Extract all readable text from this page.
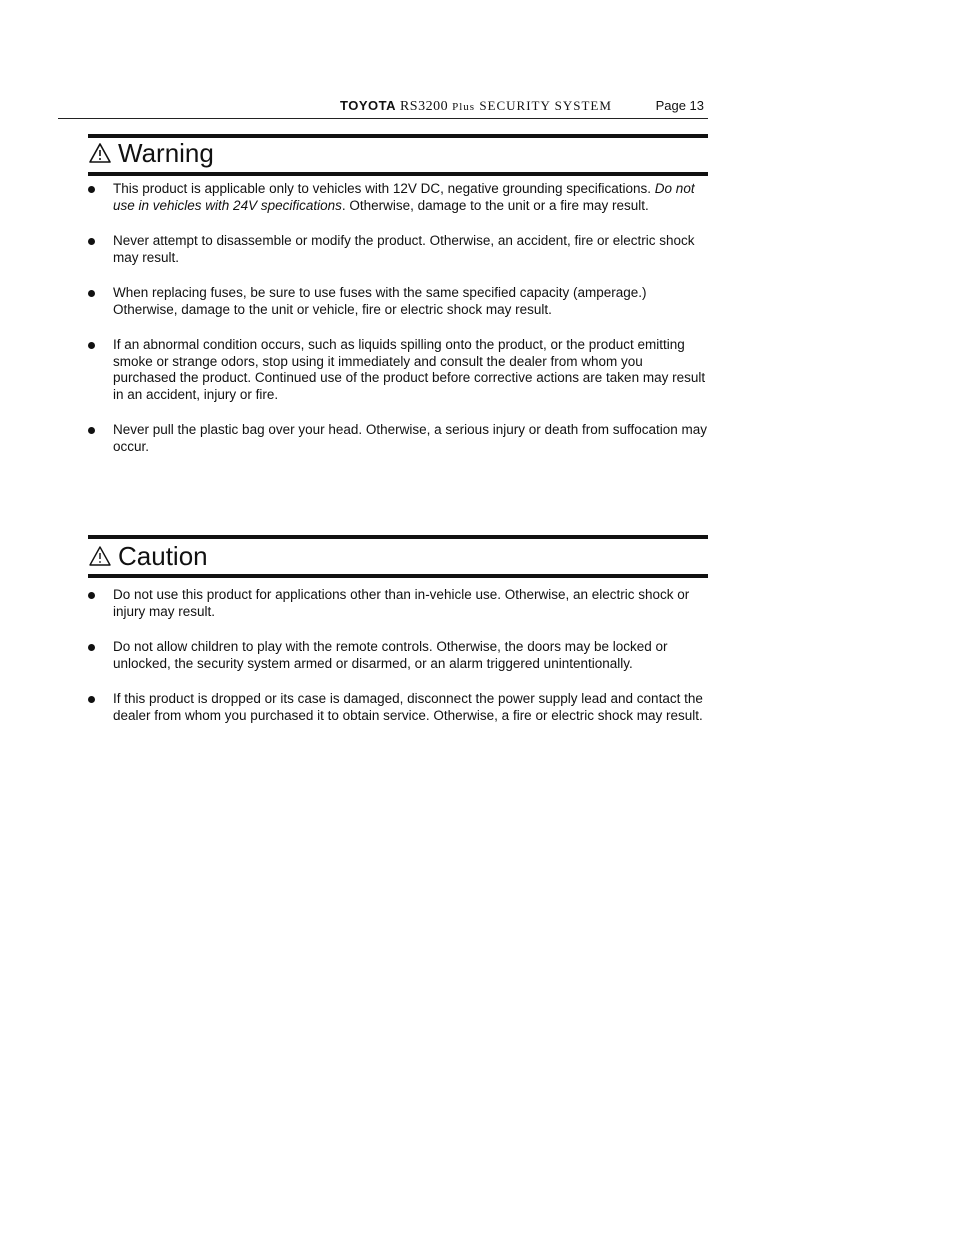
TOYOTA RS3200 Plus SECURITY SYSTEM	Page 13
Warning
This product is applicable only to vehicles with 12V DC, negative grounding specifications. Do not use in vehicles with 24V specifications. Otherwise, damage to the unit or a fire may result.
Never attempt to disassemble or modify the product. Otherwise, an accident, fire or electric shock may result.
When replacing fuses, be sure to use fuses with the same specified capacity (amperage.) Otherwise, damage to the unit or vehicle, fire or electric shock may result.
If an abnormal condition occurs, such as liquids spilling onto the product, or the product emitting smoke or strange odors, stop using it immediately and consult the dealer from whom you purchased the product. Continued use of the product before corrective actions are taken may result in an accident, injury or fire.
Never pull the plastic bag over your head. Otherwise, a serious injury or death from suffocation may occur.
Caution
Do not use this product for applications other than in-vehicle use. Otherwise, an electric shock or injury may result.
Do not allow children to play with the remote controls. Otherwise, the doors may be locked or unlocked, the security system armed or disarmed, or an alarm triggered unintentionally.
If this product is dropped or its case is damaged, disconnect the power supply lead and contact the dealer from whom you purchased it to obtain service. Otherwise, a fire or electric shock may result.
